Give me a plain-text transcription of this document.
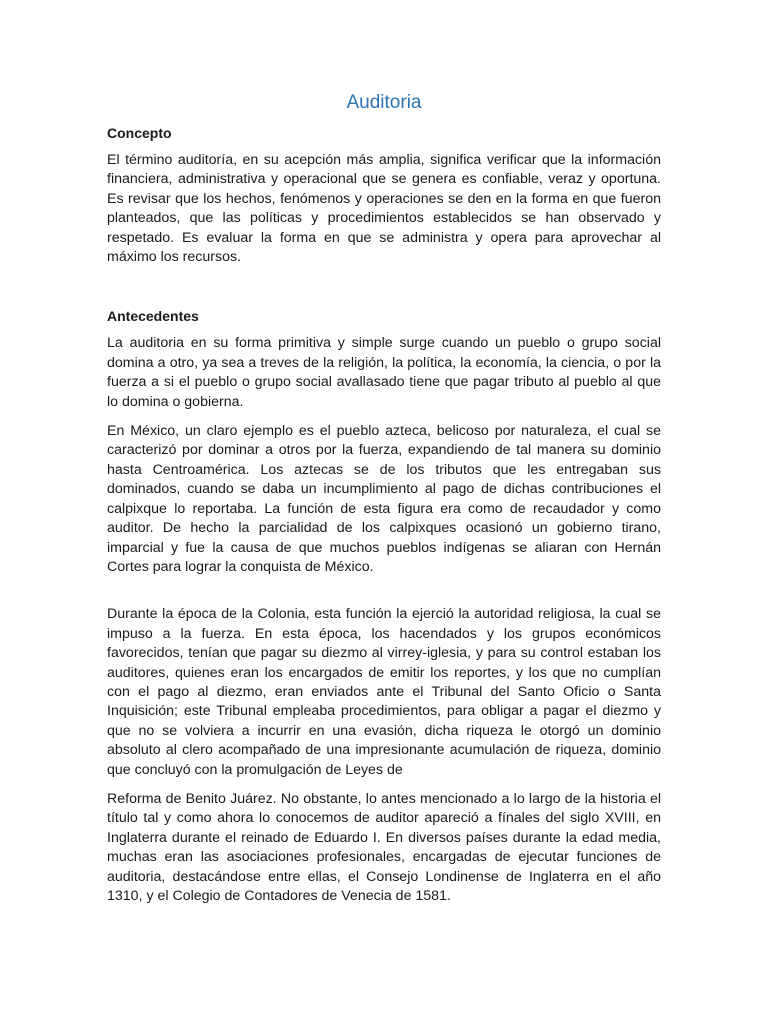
Auditoria
Concepto

El término auditoría, en su acepción más amplia, significa verificar que la información financiera, administrativa y operacional que se genera es confiable, veraz y oportuna. Es revisar que los hechos, fenómenos y operaciones se den en la forma en que fueron planteados, que las políticas y procedimientos establecidos se han observado y respetado. Es evaluar la forma en que se administra y opera para aprovechar al máximo los recursos.

Antecedentes

La auditoria en su forma primitiva y simple surge cuando un pueblo o grupo social domina a otro, ya sea a treves de la religión, la política, la economía, la ciencia, o por la fuerza a si el pueblo o grupo social avallasado tiene que pagar tributo al pueblo al que lo domina o gobierna.

En México, un claro ejemplo es el pueblo azteca, belicoso por naturaleza, el cual se caracterizó por dominar a otros por la fuerza, expandiendo de tal manera su dominio hasta Centroamérica. Los aztecas se de los tributos que les entregaban sus dominados, cuando se daba un incumplimiento al pago de dichas contribuciones el calpixque lo reportaba. La función de esta figura era como de recaudador y como auditor. De hecho la parcialidad de los calpixques ocasionó un gobierno tirano, imparcial y fue la causa de que muchos pueblos indígenas se aliaran con Hernán Cortes para lograr la conquista de México.

Durante la época de la Colonia, esta función la ejerció la autoridad religiosa, la cual se impuso a la fuerza. En esta época, los hacendados y los grupos económicos favorecidos, tenían que pagar su diezmo al virrey-iglesia, y para su control estaban los auditores, quienes eran los encargados de emitir los reportes, y los que no cumplían con el pago al diezmo, eran enviados ante el Tribunal del Santo Oficio o Santa Inquisición; este Tribunal empleaba procedimientos, para obligar a pagar el diezmo y que no se volviera a incurrir en una evasión, dicha riqueza le otorgó un dominio absoluto al clero acompañado de una impresionante acumulación de riqueza, dominio que concluyó con la promulgación de Leyes de

Reforma de Benito Juárez. No obstante, lo antes mencionado a lo largo de la historia el título tal y como ahora lo conocemos de auditor apareció a fínales del siglo XVIII, en Inglaterra durante el reinado de Eduardo I. En diversos países durante la edad media, muchas eran las asociaciones profesionales, encargadas de ejecutar funciones de auditoria, destacándose entre ellas, el Consejo Londinense de Inglaterra en el año 1310, y el Colegio de Contadores de Venecia de 1581.
